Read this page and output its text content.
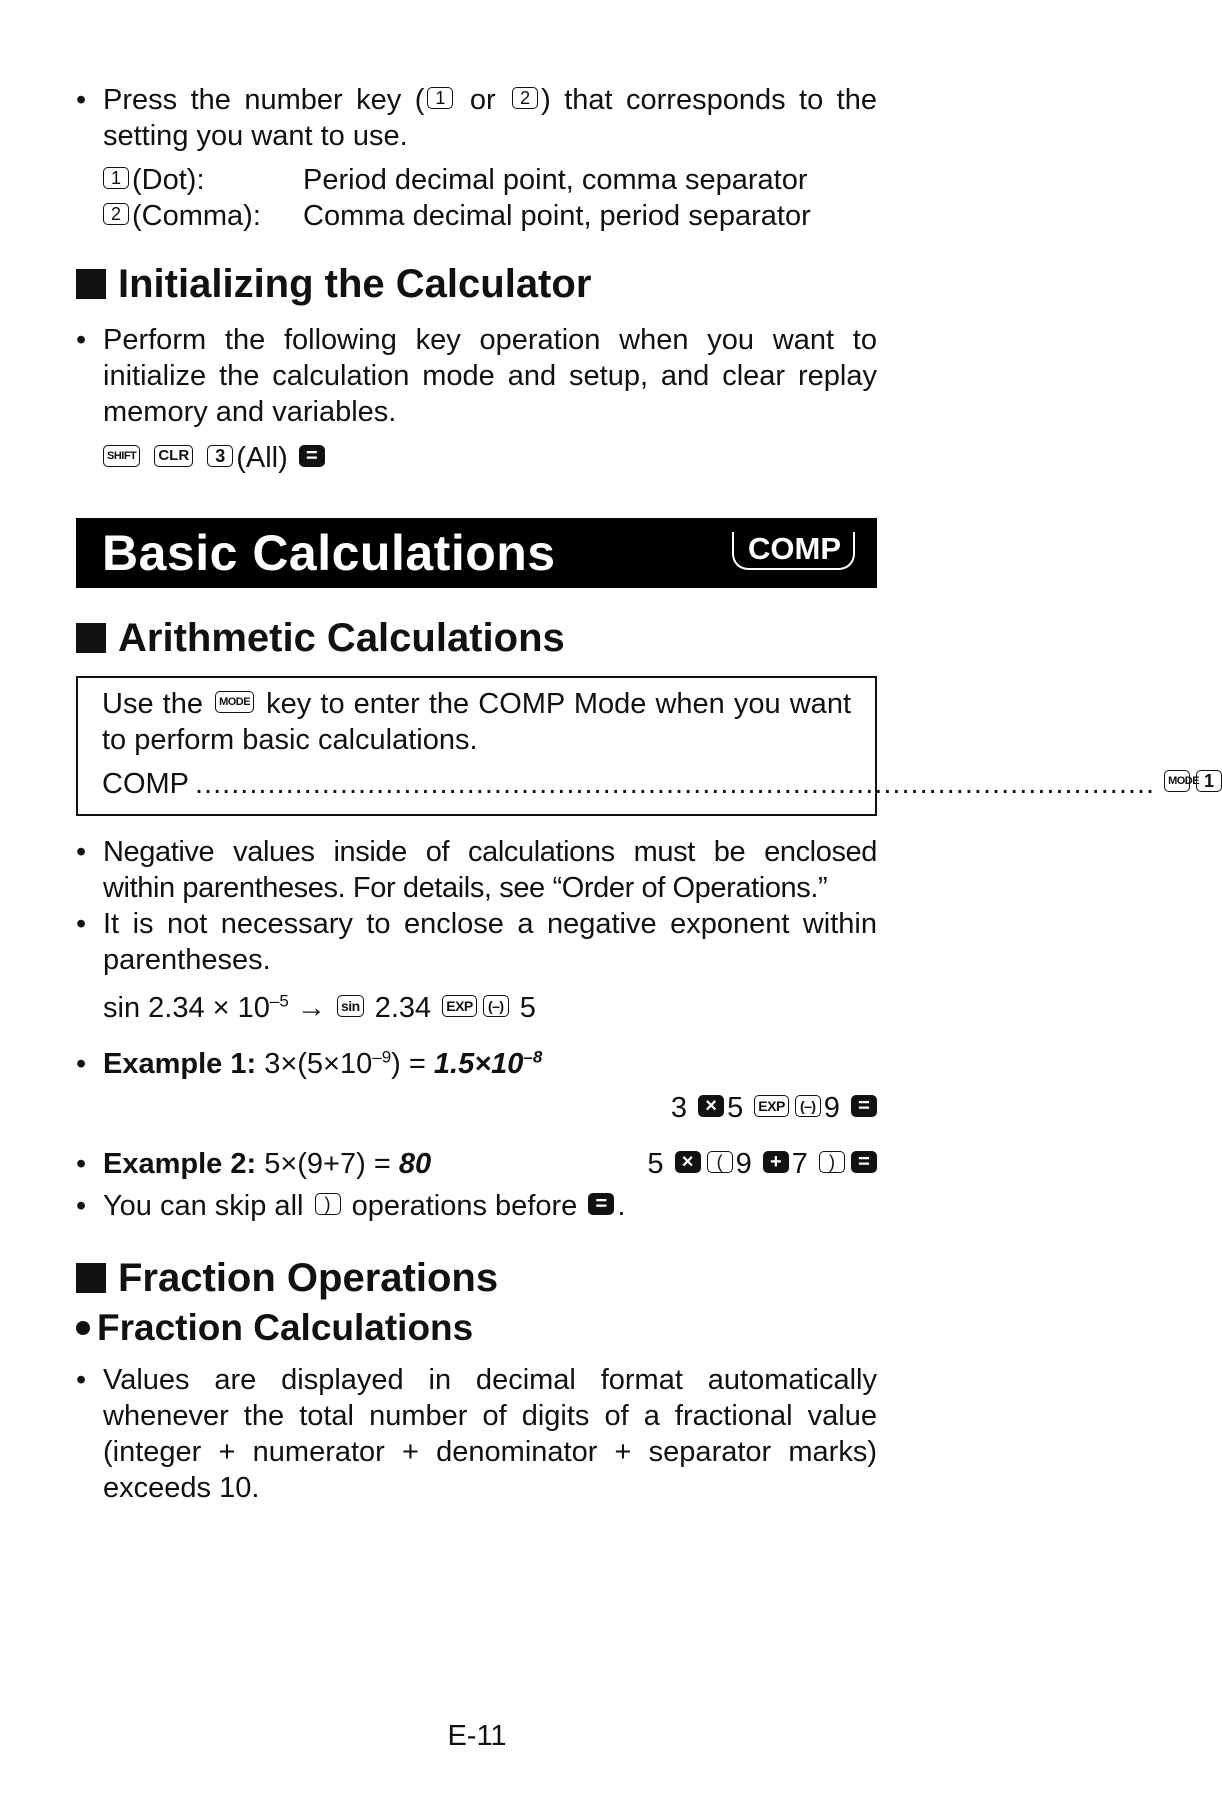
• Press the number key ( 1 or 2 ) that corresponds to the setting you want to use.
1 (Dot):	Period decimal point, comma separator
2 (Comma):	Comma decimal point, period separator
Initializing the Calculator
• Perform the following key operation when you want to initialize the calculation mode and setup, and clear replay memory and variables.
SHIFT CLR 3 (All) =
Basic Calculations	COMP
Arithmetic Calculations
Use the MODE key to enter the COMP Mode when you want to perform basic calculations.
COMP ..........................................................................................................	MODE 1
• Negative values inside of calculations must be enclosed within parentheses. For details, see “Order of Operations.”
• It is not necessary to enclose a negative exponent within parentheses.
$\sin 2.34 \times 10^{-5} \to \sin 2.34$ EXP (–) 5
• Example 1: $3\times(5\times 10^{-9}) = 1.5\times 10^{-8}$
3 × 5 EXP (–) 9 =
• Example 2: 5×(9+7) = 80	5 × ( 9 + 7 ) =
• You can skip all ) operations before = .
Fraction Operations
Fraction Calculations
• Values are displayed in decimal format automatically whenever the total number of digits of a fractional value (integer + numerator + denominator + separator marks) exceeds 10.
E-11
